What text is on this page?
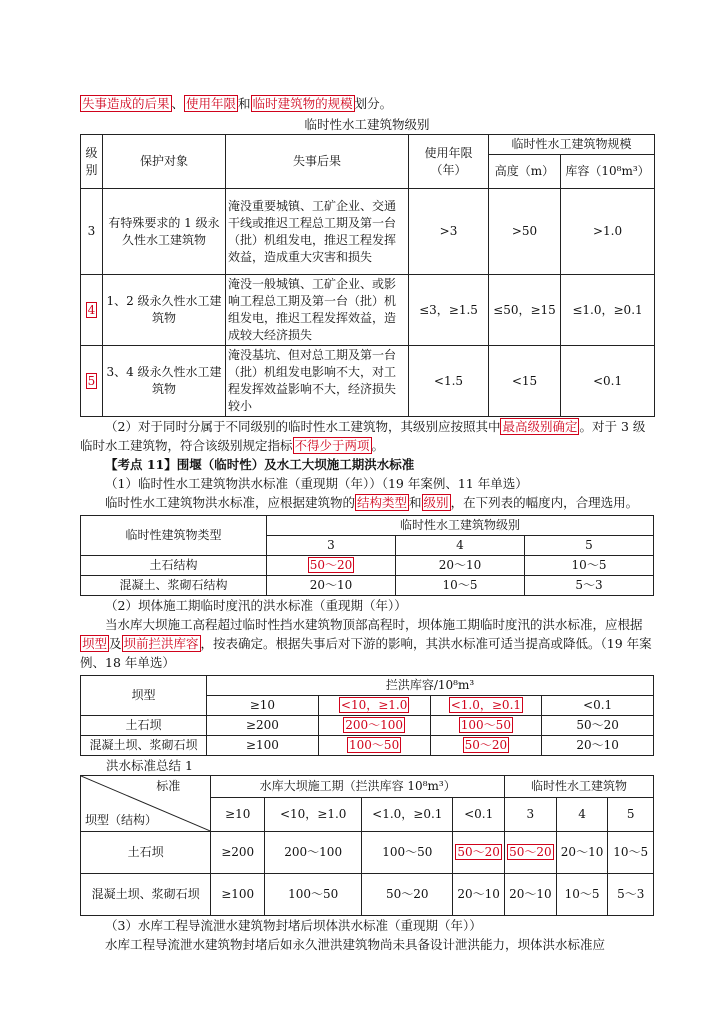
失事造成的后果 、 使用年限 和 临时建筑物的规模 划分。

临时性水工建筑物级别

级别	保护对象	失事后果	使用年限（年）	临时性水工建筑物规模	
				高度（m）	库容（10⁸m³）
3	有特殊要求的 1 级永久性水工建筑物	淹没重要城镇、工矿企业、交通干线或推迟工程总工期及第一台（批）机组发电，推迟工程发挥效益，造成重大灾害和损失	>3	>50	>1.0
4	1、2 级永久性水工建筑物	淹没一般城镇、工矿企业、或影响工程总工期及第一台（批）机组发电，推迟工程发挥效益，造成较大经济损失	≤3，≥1.5	≤50，≥15	≤1.0，≥0.1
5	3、4 级永久性水工建筑物	淹没基坑、但对总工期及第一台（批）机组发电影响不大，对工程发挥效益影响不大，经济损失较小	<1.5	<15	<0.1

（2）对于同时分属于不同级别的临时性水工建筑物，其级别应按照其中 最高级别确定 。对于 3 级临时水工建筑物，符合该级别规定指标 不得少于两项 。

【考点 11】围堰（临时性）及水工大坝施工期洪水标准

（1）临时性水工建筑物洪水标准（重现期（年））（19 年案例、11 年单选）

临时性水工建筑物洪水标准，应根据建筑物的 结构类型 和 级别 ，在下列表的幅度内，合理选用。

临时性建筑物类型	临时性水工建筑物级别		
	3	4	5
土石结构	50～20	20～10	10～5
混凝土、浆砌石结构	20～10	10～5	5～3

（2）坝体施工期临时度汛的洪水标准（重现期（年））

当水库大坝施工高程超过临时性挡水建筑物顶部高程时，坝体施工期临时度汛的洪水标准，应根据坝型 及 坝前拦洪库容 ，按表确定。根据失事后对下游的影响，其洪水标准可适当提高或降低。（19 年案例、18 年单选）

坝型	拦洪库容/10⁸m³			
	≥10	<10，≥1.0	<1.0，≥0.1	<0.1
土石坝	≥200	200～100	100～50	50～20
混凝土坝、浆砌石坝	≥100	100～50	50～20	20～10

洪水标准总结 1

标准
坝型（结构）	水库大坝施工期（拦洪库容 10⁸m³）				临时性水工建筑物		
	≥10	<10，≥1.0	<1.0，≥0.1	<0.1	3	4	5
土石坝	≥200	200～100	100～50	50～20	50～20	20～10	10～5
混凝土坝、浆砌石坝	≥100	100～50	50～20	20～10	20～10	10～5	5～3

（3）水库工程导流泄水建筑物封堵后坝体洪水标准（重现期（年））

水库工程导流泄水建筑物封堵后如永久泄洪建筑物尚未具备设计泄洪能力，坝体洪水标准应
